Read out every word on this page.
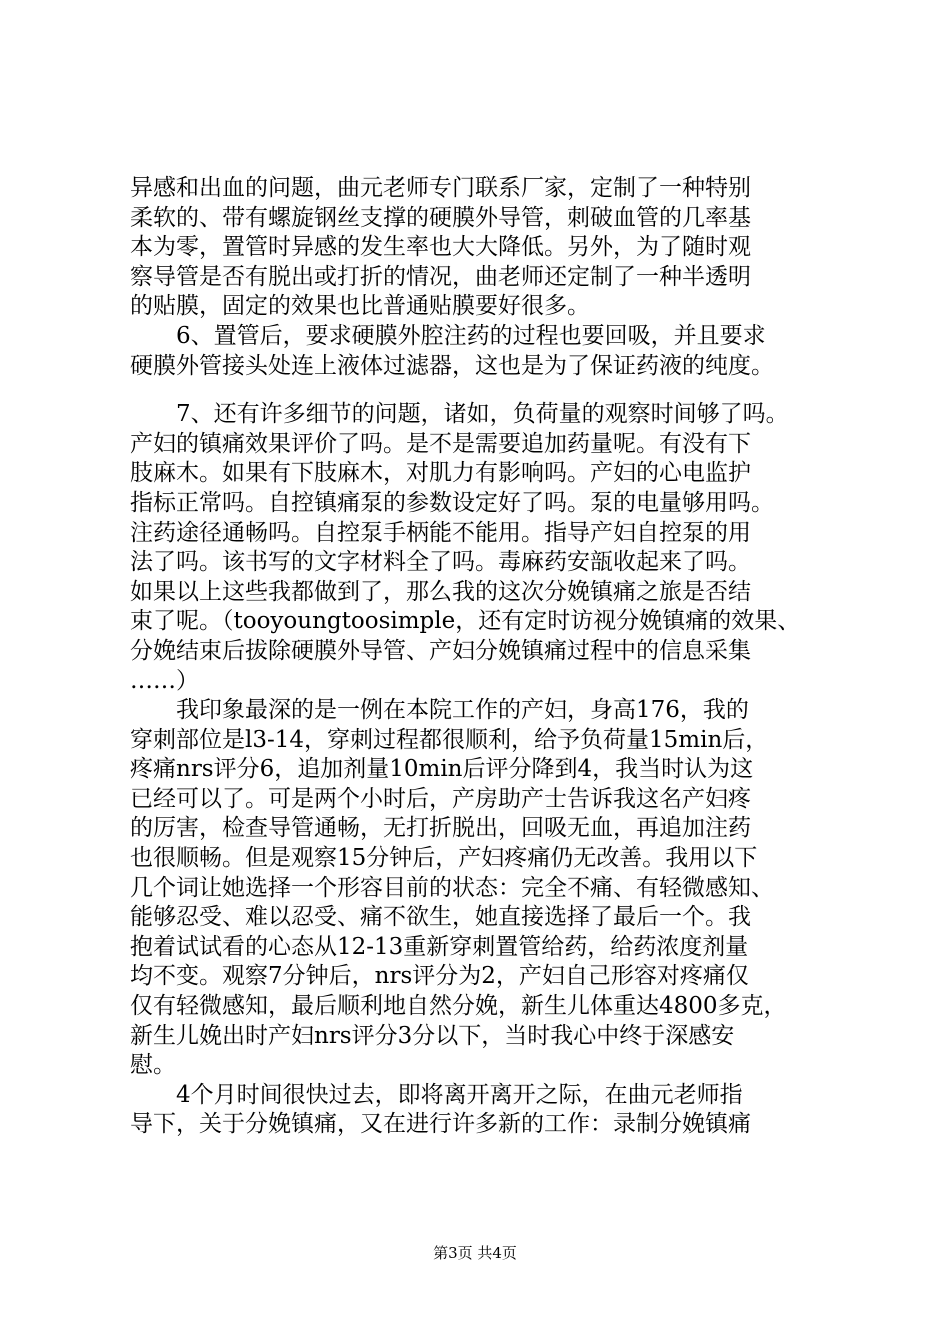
异感和出血的问题，曲元老师专门联系厂家，定制了一种特别
柔软的、带有螺旋钢丝支撑的硬膜外导管，刺破血管的几率基
本为零，置管时异感的发生率也大大降低。另外，为了随时观
察导管是否有脱出或打折的情况，曲老师还定制了一种半透明
的贴膜，固定的效果也比普通贴膜要好很多。
　　6、置管后，要求硬膜外腔注药的过程也要回吸，并且要求
硬膜外管接头处连上液体过滤器，这也是为了保证药液的纯度。
　　7、还有许多细节的问题，诸如，负荷量的观察时间够了吗。
产妇的镇痛效果评价了吗。是不是需要追加药量呢。有没有下
肢麻木。如果有下肢麻木，对肌力有影响吗。产妇的心电监护
指标正常吗。自控镇痛泵的参数设定好了吗。泵的电量够用吗。
注药途径通畅吗。自控泵手柄能不能用。指导产妇自控泵的用
法了吗。该书写的文字材料全了吗。毒麻药安瓿收起来了吗。
如果以上这些我都做到了，那么我的这次分娩镇痛之旅是否结
束了呢。（tooyoungtoosimple，还有定时访视分娩镇痛的效果、
分娩结束后拔除硬膜外导管、产妇分娩镇痛过程中的信息采集
……）
　　我印象最深的是一例在本院工作的产妇，身高176，我的
穿刺部位是l3-14，穿刺过程都很顺利，给予负荷量15min后，
疼痛nrs评分6，追加剂量10min后评分降到4，我当时认为这
已经可以了。可是两个小时后，产房助产士告诉我这名产妇疼
的厉害，检查导管通畅，无打折脱出，回吸无血，再追加注药
也很顺畅。但是观察15分钟后，产妇疼痛仍无改善。我用以下
几个词让她选择一个形容目前的状态：完全不痛、有轻微感知、
能够忍受、难以忍受、痛不欲生，她直接选择了最后一个。我
抱着试试看的心态从12-13重新穿刺置管给药，给药浓度剂量
均不变。观察7分钟后，nrs评分为2，产妇自己形容对疼痛仅
仅有轻微感知，最后顺利地自然分娩，新生儿体重达4800多克，
新生儿娩出时产妇nrs评分3分以下，当时我心中终于深感安
慰。
　　4个月时间很快过去，即将离开离开之际，在曲元老师指
导下，关于分娩镇痛，又在进行许多新的工作：录制分娩镇痛
第3页 共4页
